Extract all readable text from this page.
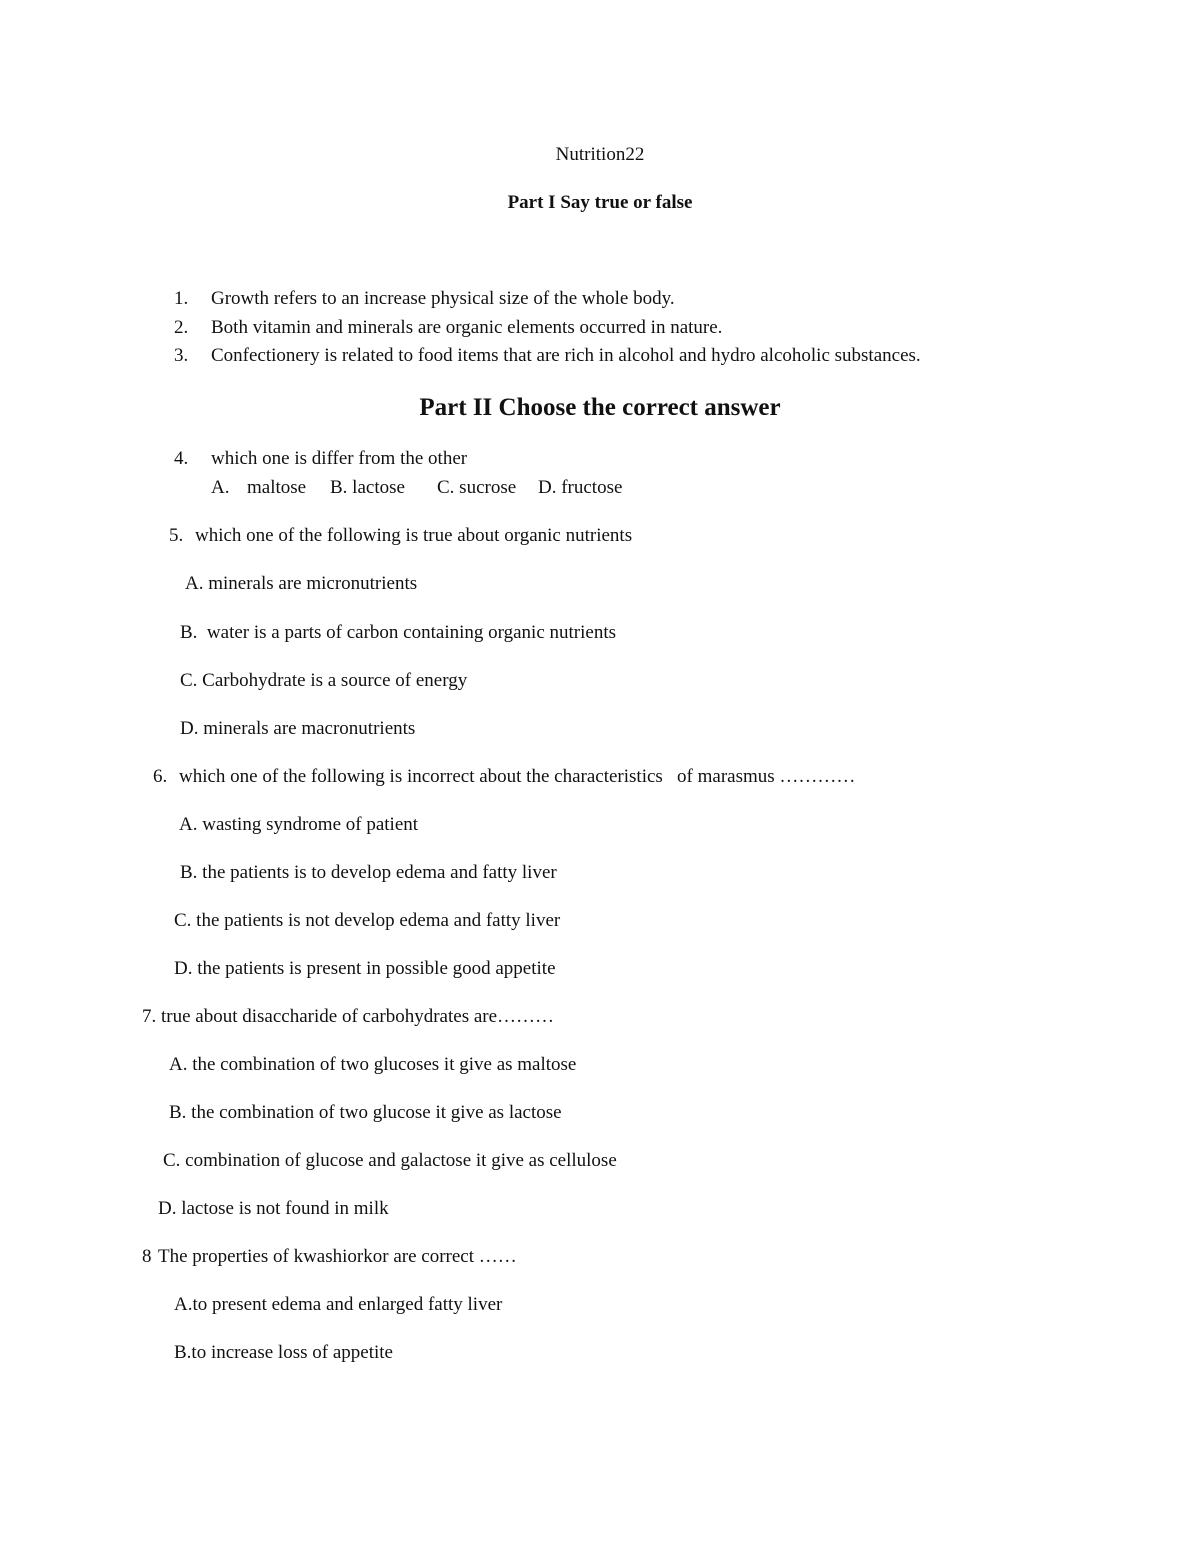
Nutrition22
Part I Say true or false
1. Growth refers to an increase physical size of the whole body.
2. Both vitamin and minerals are organic elements occurred in nature.
3. Confectionery is related to food items that are rich in alcohol and hydro alcoholic substances.
Part II Choose the correct answer
4. which one is differ from the other
A. maltose B. lactose C. sucrose D. fructose
5. which one of the following is true about organic nutrients
A. minerals are micronutrients
B.  water is a parts of carbon containing organic nutrients
C. Carbohydrate is a source of energy
D. minerals are macronutrients
6. which one of the following is incorrect about the characteristics   of marasmus …………
A. wasting syndrome of patient
B. the patients is to develop edema and fatty liver
C. the patients is not develop edema and fatty liver
D. the patients is present in possible good appetite
7. true about disaccharide of carbohydrates are………
A. the combination of two glucoses it give as maltose
B. the combination of two glucose it give as lactose
C. combination of glucose and galactose it give as cellulose
D. lactose is not found in milk
8 The properties of kwashiorkor are correct ……
A.to present edema and enlarged fatty liver
B.to increase loss of appetite
